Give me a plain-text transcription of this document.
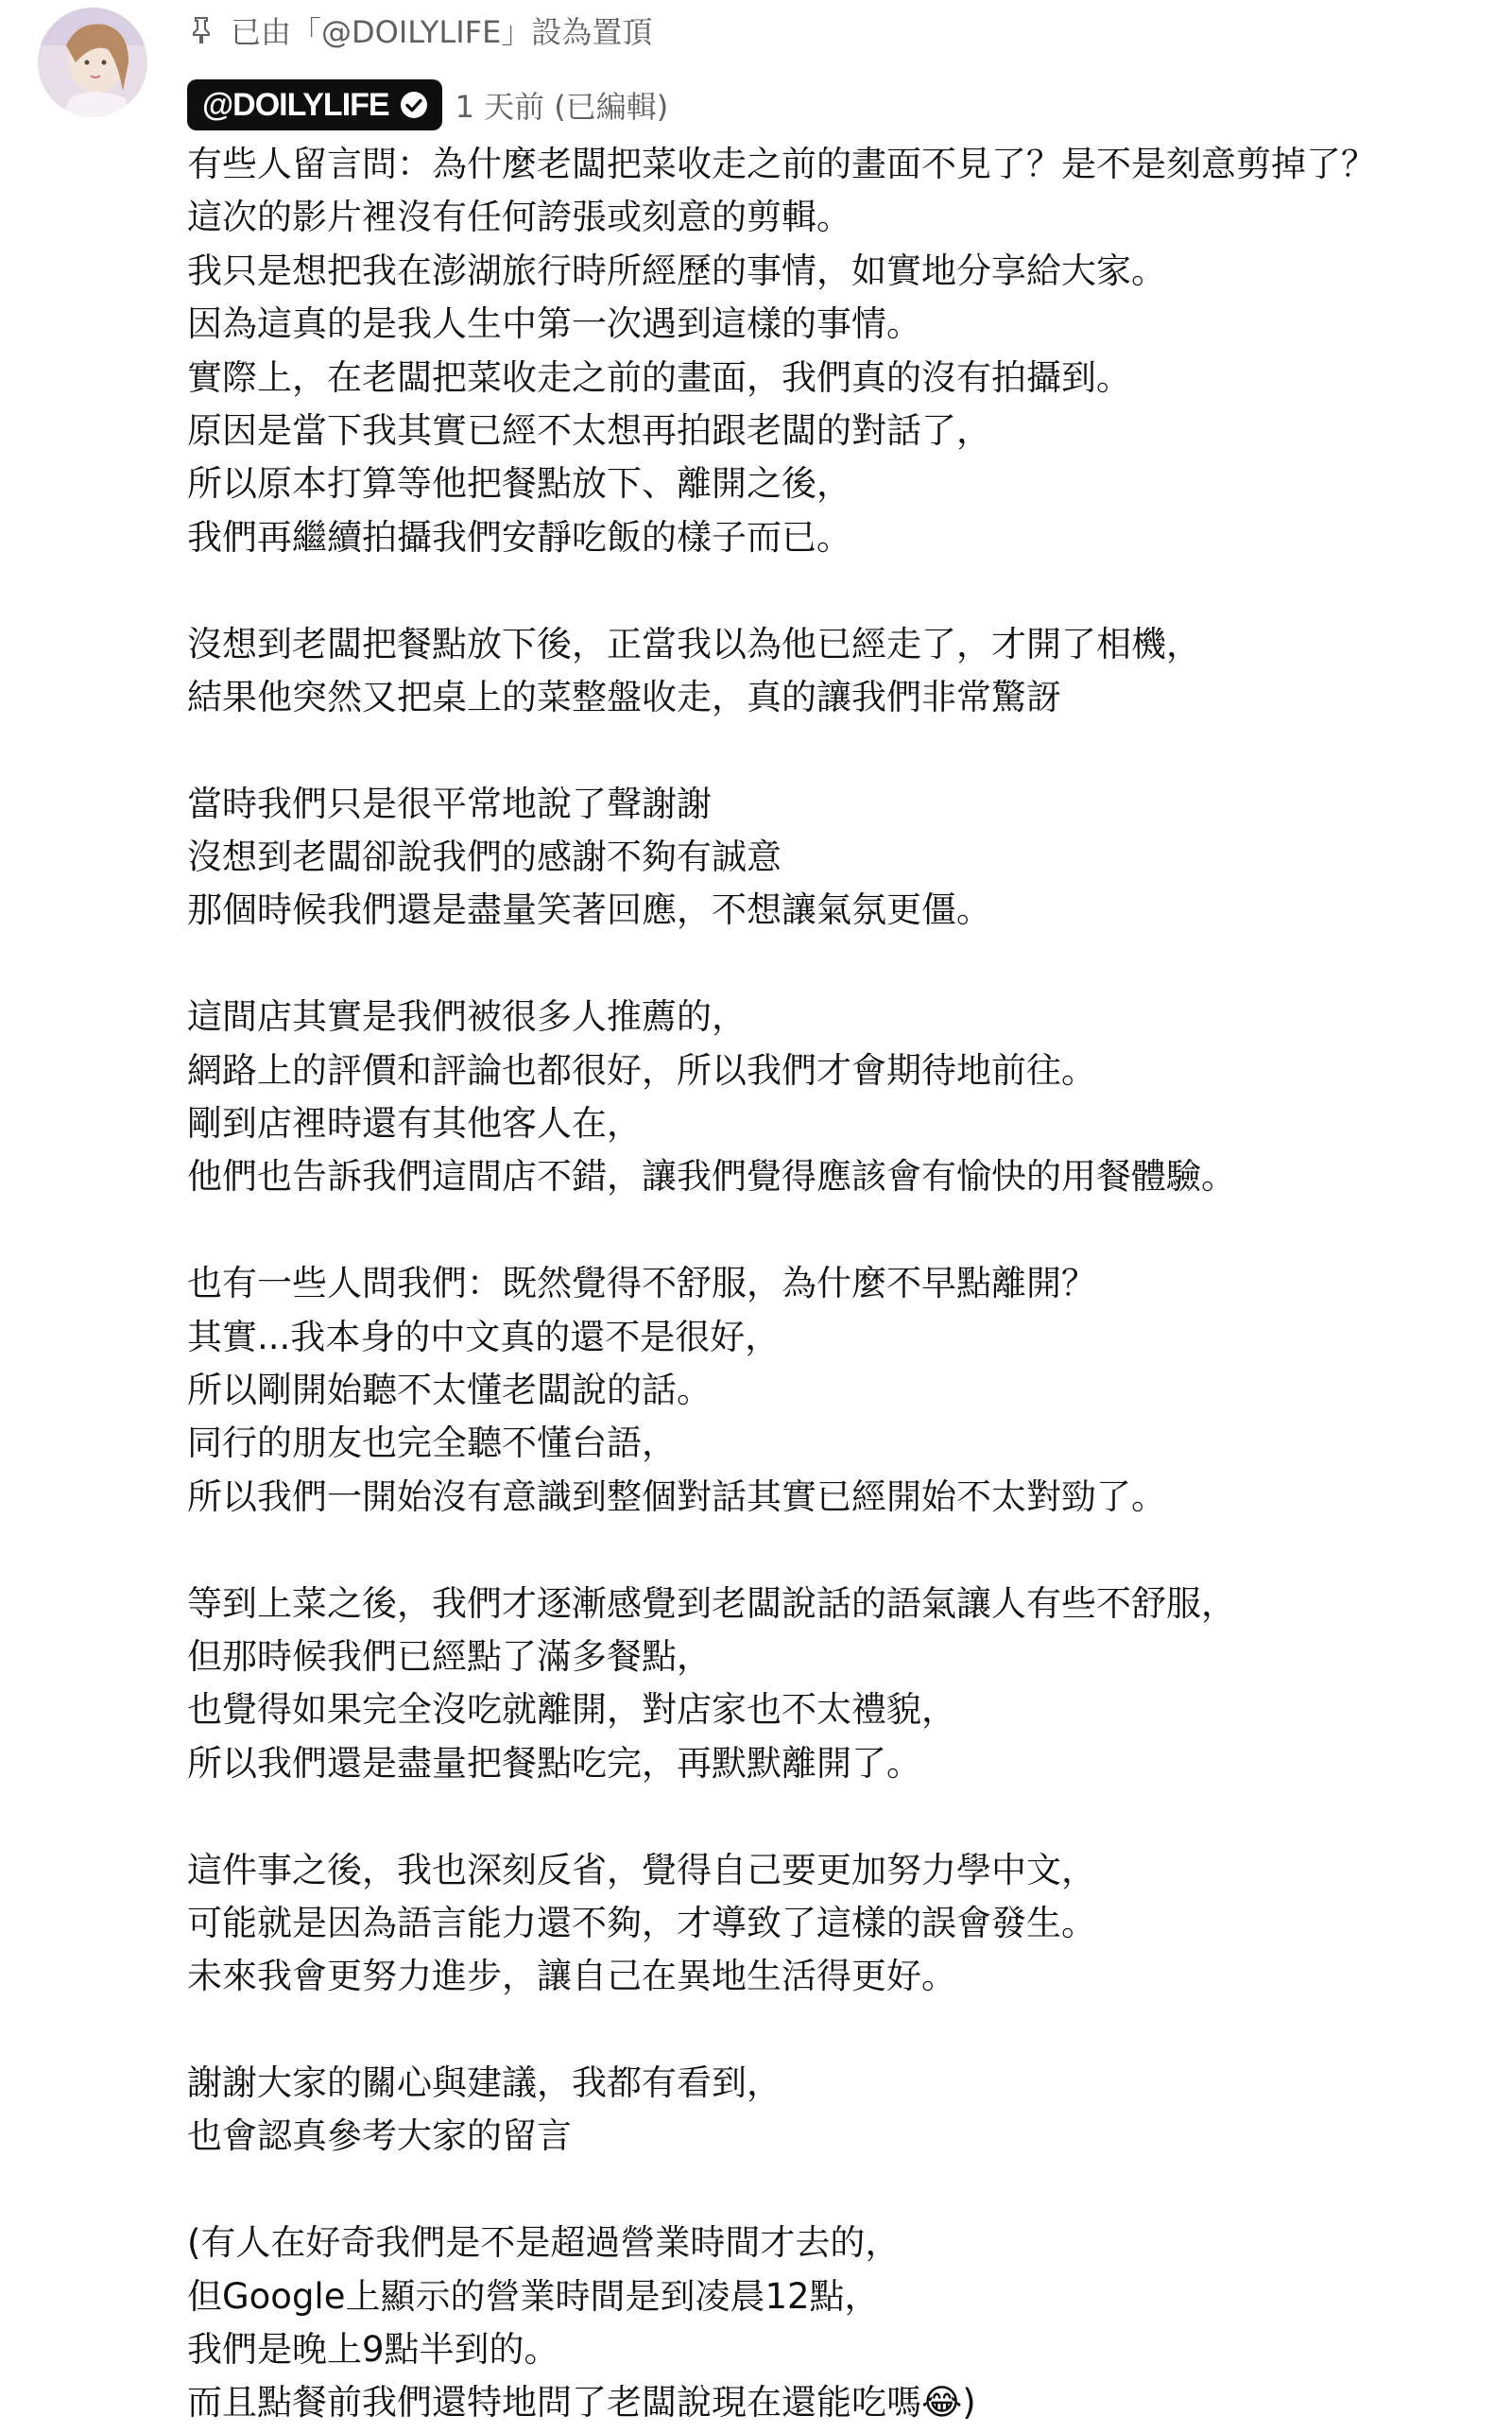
已由「@DOILYLIFE」設為置頂
@DOILYLIFE 1 天前 (已編輯)
有些人留言問：為什麼老闆把菜收走之前的畫面不見了？是不是刻意剪掉了？
這次的影片裡沒有任何誇張或刻意的剪輯。
我只是想把我在澎湖旅行時所經歷的事情，如實地分享給大家。
因為這真的是我人生中第一次遇到這樣的事情。
實際上，在老闆把菜收走之前的畫面，我們真的沒有拍攝到。
原因是當下我其實已經不太想再拍跟老闆的對話了，
所以原本打算等他把餐點放下、離開之後，
我們再繼續拍攝我們安靜吃飯的樣子而已。

沒想到老闆把餐點放下後，正當我以為他已經走了，才開了相機，
結果他突然又把桌上的菜整盤收走，真的讓我們非常驚訝

當時我們只是很平常地說了聲謝謝
沒想到老闆卻說我們的感謝不夠有誠意
那個時候我們還是盡量笑著回應，不想讓氣氛更僵。

這間店其實是我們被很多人推薦的，
網路上的評價和評論也都很好，所以我們才會期待地前往。
剛到店裡時還有其他客人在，
他們也告訴我們這間店不錯，讓我們覺得應該會有愉快的用餐體驗。

也有一些人問我們：既然覺得不舒服，為什麼不早點離開？
其實...我本身的中文真的還不是很好，
所以剛開始聽不太懂老闆說的話。
同行的朋友也完全聽不懂台語，
所以我們一開始沒有意識到整個對話其實已經開始不太對勁了。

等到上菜之後，我們才逐漸感覺到老闆說話的語氣讓人有些不舒服，
但那時候我們已經點了滿多餐點，
也覺得如果完全沒吃就離開，對店家也不太禮貌，
所以我們還是盡量把餐點吃完，再默默離開了。

這件事之後，我也深刻反省，覺得自己要更加努力學中文，
可能就是因為語言能力還不夠，才導致了這樣的誤會發生。
未來我會更努力進步，讓自己在異地生活得更好。

謝謝大家的關心與建議，我都有看到，
也會認真參考大家的留言

(有人在好奇我們是不是超過營業時間才去的，
但Google上顯示的營業時間是到凌晨12點，
我們是晚上9點半到的。
而且點餐前我們還特地問了老闆說現在還能吃嗎😂)
